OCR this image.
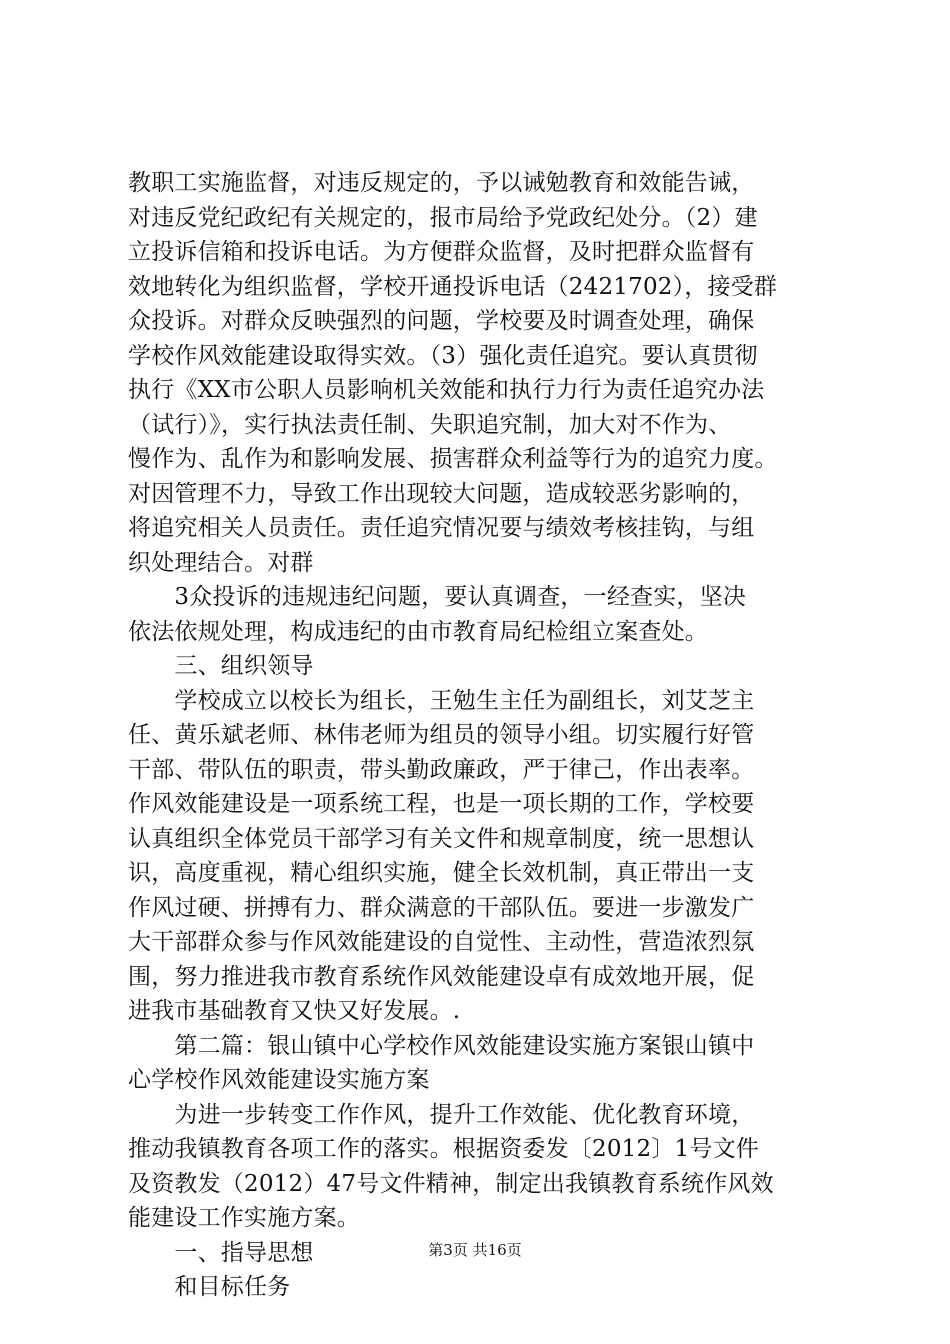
教职工实施监督，对违反规定的，予以诫勉教育和效能告诫，
对违反党纪政纪有关规定的，报市局给予党政纪处分。（2）建
立投诉信箱和投诉电话。为方便群众监督，及时把群众监督有
效地转化为组织监督，学校开通投诉电话（2421702），接受群
众投诉。对群众反映强烈的问题，学校要及时调查处理，确保
学校作风效能建设取得实效。（3）强化责任追究。要认真贯彻
执行《XX市公职人员影响机关效能和执行力行为责任追究办法
（试行）》，实行执法责任制、失职追究制，加大对不作为、
慢作为、乱作为和影响发展、损害群众利益等行为的追究力度。
对因管理不力，导致工作出现较大问题，造成较恶劣影响的，
将追究相关人员责任。责任追究情况要与绩效考核挂钩，与组
织处理结合。对群
　　3众投诉的违规违纪问题，要认真调查，一经查实，坚决
依法依规处理，构成违纪的由市教育局纪检组立案查处。
　　三、组织领导
　　学校成立以校长为组长，王勉生主任为副组长，刘艾芝主
任、黄乐斌老师、林伟老师为组员的领导小组。切实履行好管
干部、带队伍的职责，带头勤政廉政，严于律己，作出表率。
作风效能建设是一项系统工程，也是一项长期的工作，学校要
认真组织全体党员干部学习有关文件和规章制度，统一思想认
识，高度重视，精心组织实施，健全长效机制，真正带出一支
作风过硬、拼搏有力、群众满意的干部队伍。要进一步激发广
大干部群众参与作风效能建设的自觉性、主动性，营造浓烈氛
围，努力推进我市教育系统作风效能建设卓有成效地开展，促
进我市基础教育又快又好发展。.
　　第二篇：银山镇中心学校作风效能建设实施方案银山镇中
心学校作风效能建设实施方案
　　为进一步转变工作作风，提升工作效能、优化教育环境，
推动我镇教育各项工作的落实。根据资委发〔2012〕1号文件
及资教发（2012）47号文件精神，制定出我镇教育系统作风效
能建设工作实施方案。
　　一、指导思想
　　和目标任务
第3页 共16页
